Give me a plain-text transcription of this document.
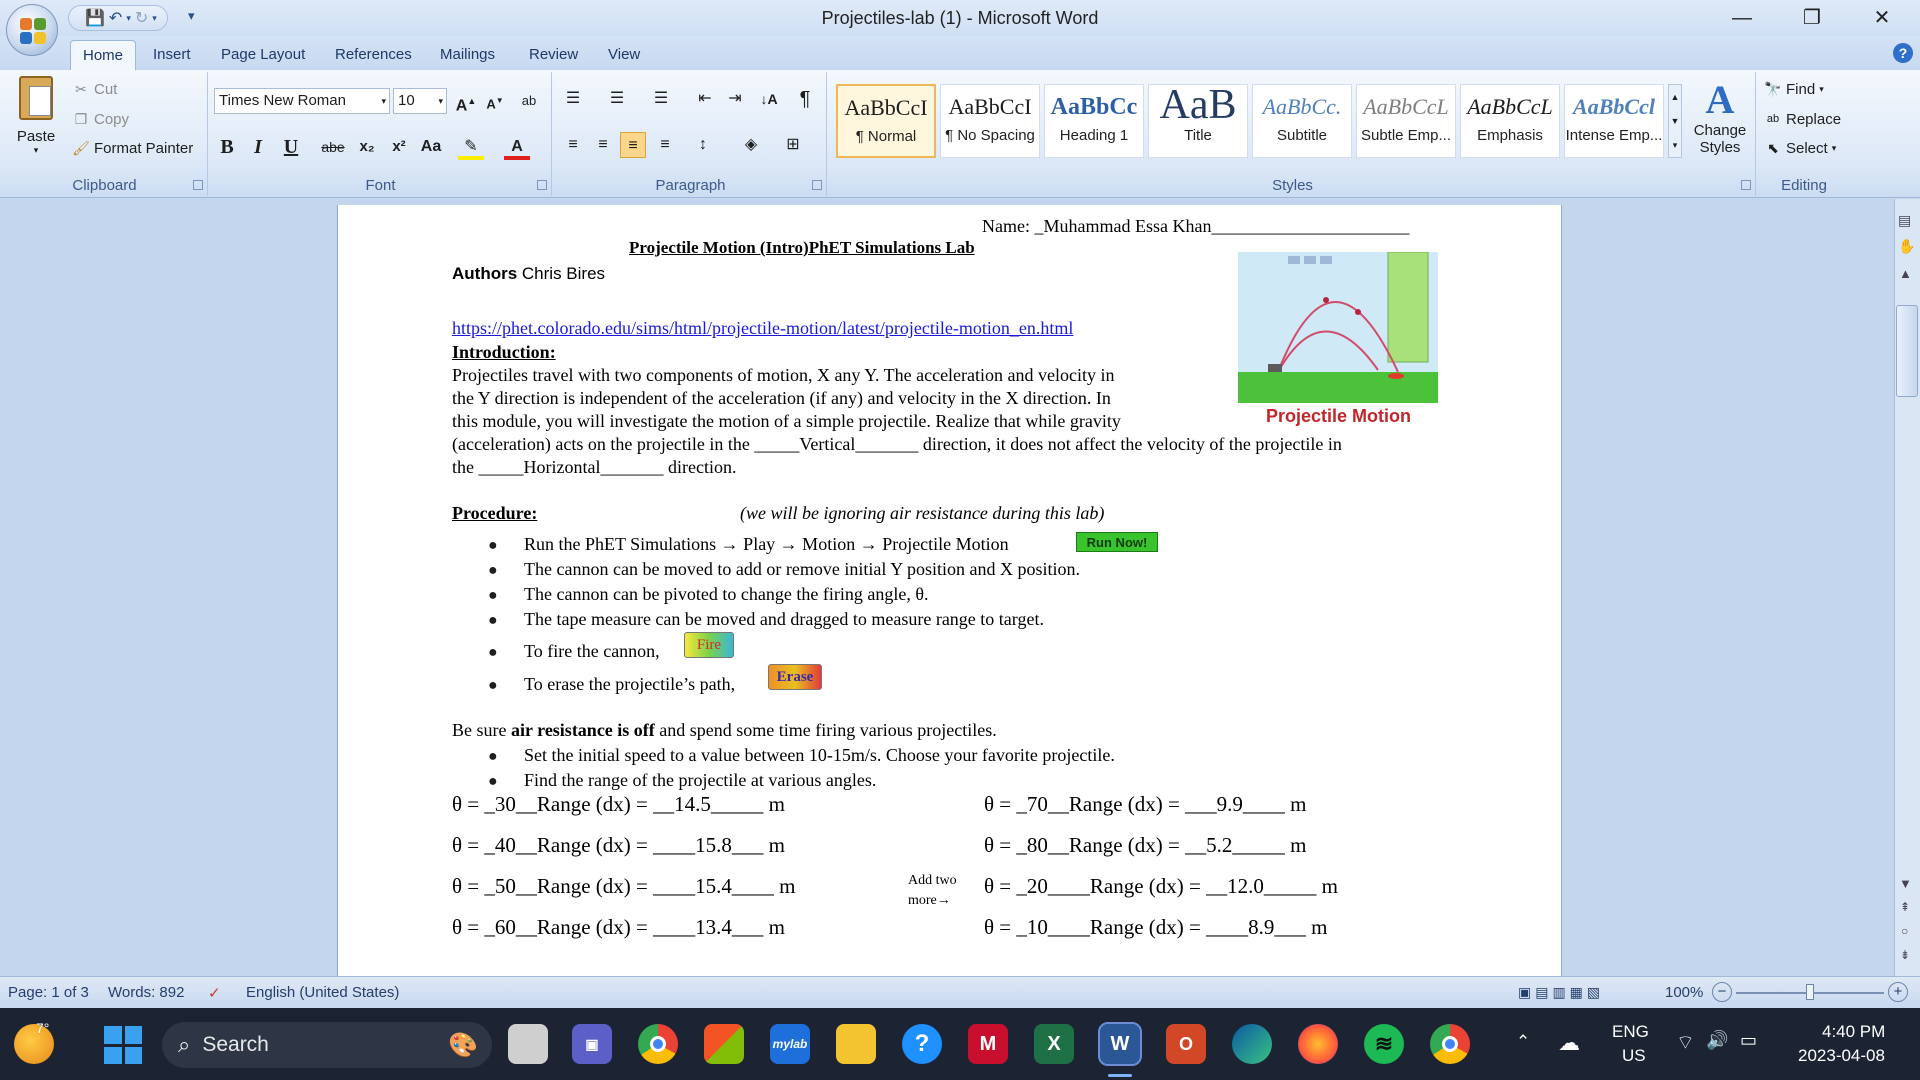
💾 ↶ ▾ ↻ ▾ ▾	Projectiles-lab (1) - Microsoft Word	—	❐	✕
Home	Insert	Page Layout	References	Mailings	Review	View	?
Clipboard
Paste
▾
✂ Cut
❐ Copy
🖌 Format Painter
Font
Times New Roman	▾ 10	▾ A▲ A▼	ab
B	I	U	abe x₂	x² Aa	✎	A
Paragraph
☰	☰	☰	⇤	⇥	↓A	¶
≡	≡	≡	≡	↕	◈	⊞
Styles
AaBbCcI
¶ Normal
AaBbCcI
¶ No Spacing
AaBbCc
Heading 1
AaB
Title
AaBbCc.
Subtitle
AaBbCcL
Subtle Emp...
AaBbCcL
Emphasis
AaBbCcl
Intense Emp...
▲
▼
▾
A
Change Styles
Editing
🔭 Find ▾
ab Replace
⬉ Select ▾
Name: _Muhammad Essa Khan______________________
Projectile Motion (Intro)PhET Simulations Lab
Authors Chris Bires
https://phet.colorado.edu/sims/html/projectile-motion/latest/projectile-motion_en.html
Introduction:
Projectiles travel with two components of motion, X any Y. The acceleration and velocity in
the Y direction is independent of the acceleration (if any) and velocity in the X direction. In
this module, you will investigate the motion of a simple projectile. Realize that while gravity
(acceleration) acts on the projectile in the _____Vertical_______ direction, it does not affect the velocity of the projectile in
the _____Horizontal_______ direction.
Projectile Motion
Procedure:	(we will be ignoring air resistance during this lab)
● Run the PhET Simulations → Play → Motion → Projectile Motion	Run Now!
● The cannon can be moved to add or remove initial Y position and X position.
● The cannon can be pivoted to change the firing angle, θ.
● The tape measure can be moved and dragged to measure range to target.
● To fire the cannon,	Fire
● To erase the projectile’s path,	Erase
Be sure air resistance is off and spend some time firing various projectiles.
● Set the initial speed to a value between 10-15m/s. Choose your favorite projectile.
● Find the range of the projectile at various angles.
θ = _30__Range (dx) = __14.5_____ m
θ = _40__Range (dx) = ____15.8___ m
θ = _50__Range (dx) = ____15.4____ m
θ = _60__Range (dx) = ____13.4___ m
θ = _70__Range (dx) = ___9.9____ m
θ = _80__Range (dx) = __5.2_____ m
θ = _20____Range (dx) = __12.0_____ m
θ = _10____Range (dx) = ____8.9___ m
Add two
more→
▤
✋
▲
▼
⇞
○
⇟
Page: 1 of 3 Words: 892 ✓ English (United States)	▣▤▥▦▧	100% −	+
7°
⌕ Search	🎨	▣	mylab	?	M	X	W	O	≋	⌃ ☁ ENG
US
⌔ 🔊 ▭	4:40 PM
2023-04-08
